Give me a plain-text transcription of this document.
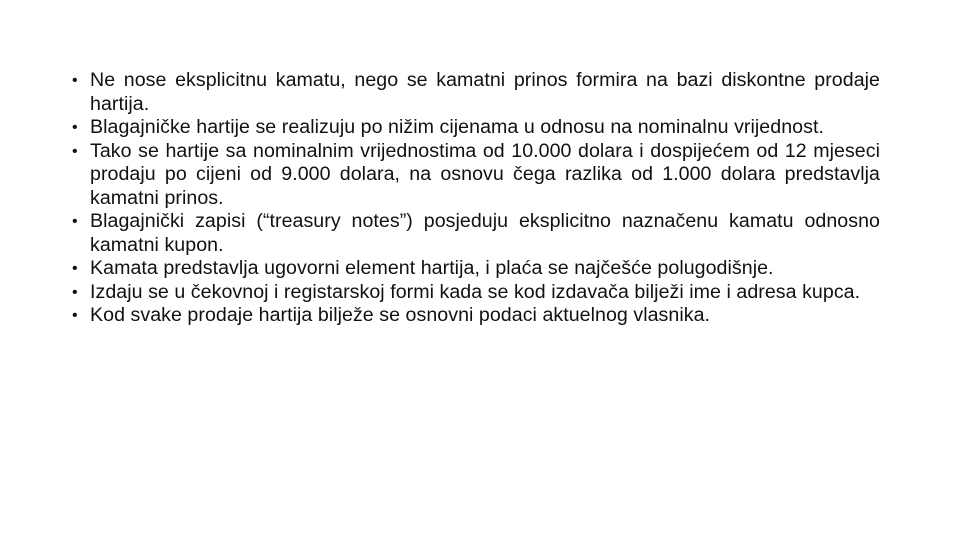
• Ne nose eksplicitnu kamatu, nego se kamatni prinos formira na bazi diskontne prodaje hartija.
• Blagajničke hartije se realizuju po nižim cijenama u odnosu na nominalnu vrijednost.
• Tako se hartije sa nominalnim vrijednostima od 10.000 dolara i dospijećem od 12 mjeseci prodaju po cijeni od 9.000 dolara, na osnovu čega razlika od 1.000 dolara predstavlja kamatni prinos.
• Blagajnički zapisi (“treasury notes”) posjeduju eksplicitno naznačenu kamatu odnosno kamatni kupon.
• Kamata predstavlja ugovorni element hartija, i plaća se najčešće polugodišnje.
• Izdaju se u čekovnoj i registarskoj formi kada se kod izdavača bilježi ime i adresa kupca.
• Kod svake prodaje hartija bilježe se osnovni podaci aktuelnog vlasnika.
